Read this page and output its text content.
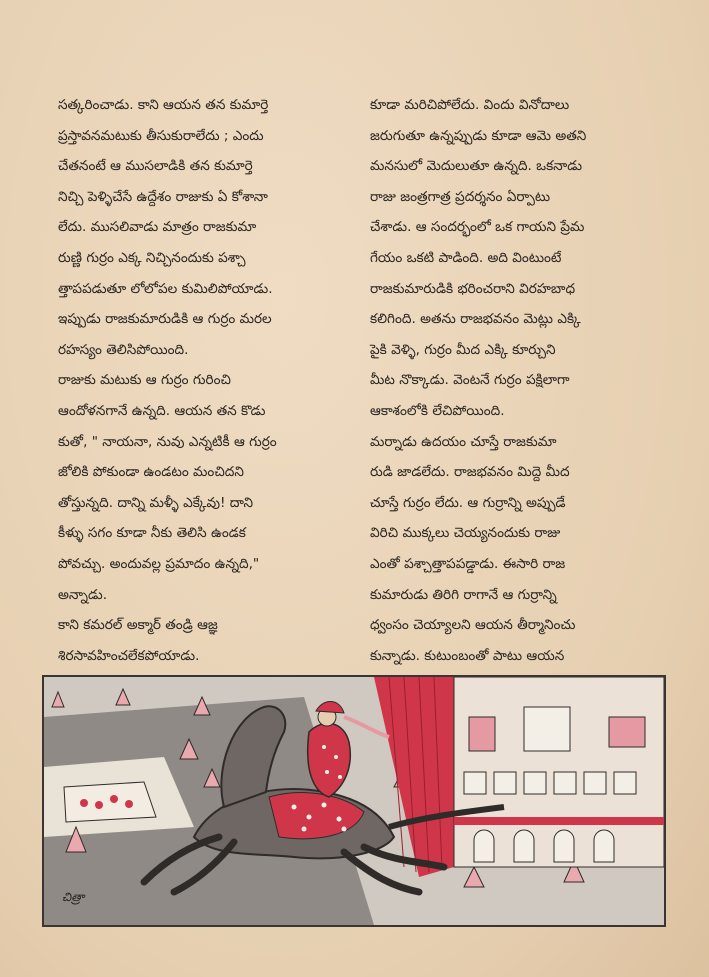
సత్కరించాడు. కాని ఆయన తన కుమార్తె

ప్రస్తావనమటుకు తీసుకురాలేదు ; ఎందు

చేతనంటే ఆ ముసలాడికి తన కుమార్తె

నిచ్చి పెళ్ళిచేసే ఉద్దేశం రాజుకు ఏ కోశానా

లేదు. ముసలివాడు మాత్రం రాజకుమా

రుణ్ణి గుర్రం ఎక్క నిచ్చినందుకు పశ్చా

త్తాపపడుతూ లోలోపల కుమిలిపోయాడు.

ఇప్పుడు రాజకుమారుడికి ఆ గుర్రం మరల

రహస్యం తెలిసిపోయింది.

రాజుకు మటుకు ఆ గుర్రం గురించి

ఆందోళనగానే ఉన్నది. ఆయన తన కొడు

కుతో, " నాయనా, నువు ఎన్నటికీ ఆ గుర్రం

జోలికి పోకుండా ఉండటం మంచిదని

తోస్తున్నది. దాన్ని మళ్ళీ ఎక్కేవు! దాని

కీళ్ళు సగం కూడా నీకు తెలిసి ఉండక

పోవచ్చు. అందువల్ల ప్రమాదం ఉన్నది,"

అన్నాడు.

కాని కమరల్ అక్మార్ తండ్రి ఆజ్ఞ

శిరసావహించలేకపోయాడు.

కూడా మరిచిపోలేదు. విందు వినోదాలు

జరుగుతూ ఉన్నప్పుడు కూడా ఆమె అతని

మనసులో మెదులుతూ ఉన్నది. ఒకనాడు

రాజు జంత్రగాత్ర ప్రదర్శనం ఏర్పాటు

చేశాడు. ఆ సందర్భంలో ఒక గాయని ప్రేమ

గేయం ఒకటి పాడింది. అది వింటుంటే

రాజకుమారుడికి భరించరాని విరహబాధ

కలిగింది. అతను రాజభవనం మెట్లు ఎక్కి

పైకి వెళ్ళి, గుర్రం మీద ఎక్కి కూర్చుని

మీట నొక్కాడు. వెంటనే గుర్రం పక్షిలాగా

ఆకాశంలోకి లేచిపోయింది.

మర్నాడు ఉదయం చూస్తే రాజకుమా

రుడి జాడలేదు. రాజభవనం మిద్దె మీద

చూస్తే గుర్రం లేదు. ఆ గుర్రాన్ని అప్పుడే

విరిచి ముక్కలు చెయ్యనందుకు రాజు

ఎంతో పశ్చాత్తాపపడ్డాడు. ఈసారి రాజ

కుమారుడు తిరిగి రాగానే ఆ గుర్రాన్ని

ధ్వంసం చెయ్యాలని ఆయన తీర్మానించు

కున్నాడు. కుటుంబంతో పాటు ఆయన

చిత్రా
